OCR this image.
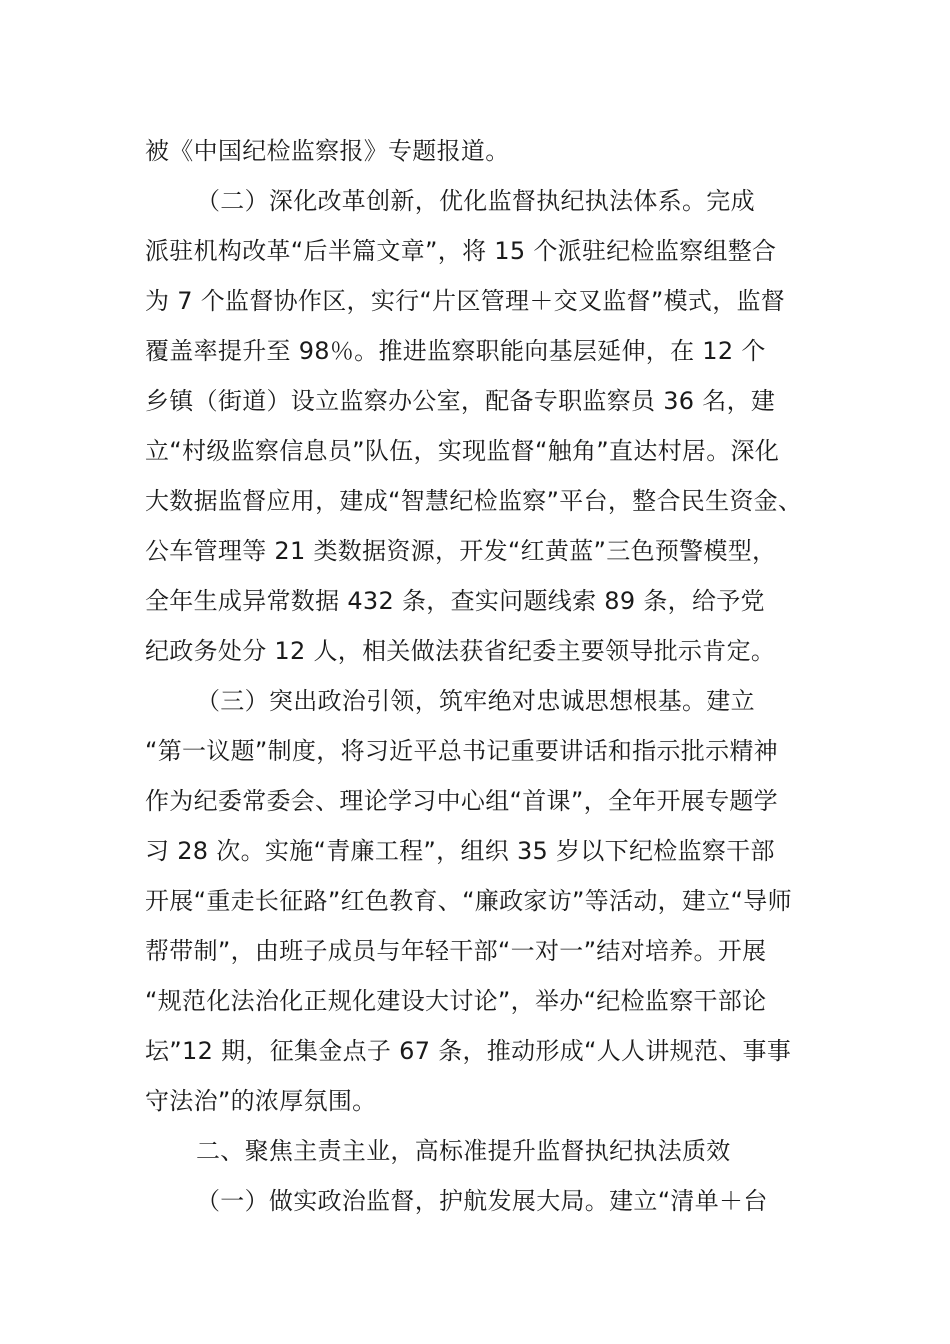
被《中国纪检监察报》专题报道。
（二）深化改革创新，优化监督执纪执法体系。完成
派驻机构改革“后半篇文章”，将 15 个派驻纪检监察组整合
为 7 个监督协作区，实行“片区管理＋交叉监督”模式，监督
覆盖率提升至 98％。推进监察职能向基层延伸，在 12 个
乡镇（街道）设立监察办公室，配备专职监察员 36 名，建
立“村级监察信息员”队伍，实现监督“触角”直达村居。深化
大数据监督应用，建成“智慧纪检监察”平台，整合民生资金、
公车管理等 21 类数据资源，开发“红黄蓝”三色预警模型，
全年生成异常数据 432 条，查实问题线索 89 条，给予党
纪政务处分 12 人，相关做法获省纪委主要领导批示肯定。
（三）突出政治引领，筑牢绝对忠诚思想根基。建立
“第一议题”制度，将习近平总书记重要讲话和指示批示精神
作为纪委常委会、理论学习中心组“首课”，全年开展专题学
习 28 次。实施“青廉工程”，组织 35 岁以下纪检监察干部
开展“重走长征路”红色教育、“廉政家访”等活动，建立“导师
帮带制”，由班子成员与年轻干部“一对一”结对培养。开展
“规范化法治化正规化建设大讨论”，举办“纪检监察干部论
坛”12 期，征集金点子 67 条，推动形成“人人讲规范、事事
守法治”的浓厚氛围。
二、聚焦主责主业，高标准提升监督执纪执法质效
（一）做实政治监督，护航发展大局。建立“清单＋台
